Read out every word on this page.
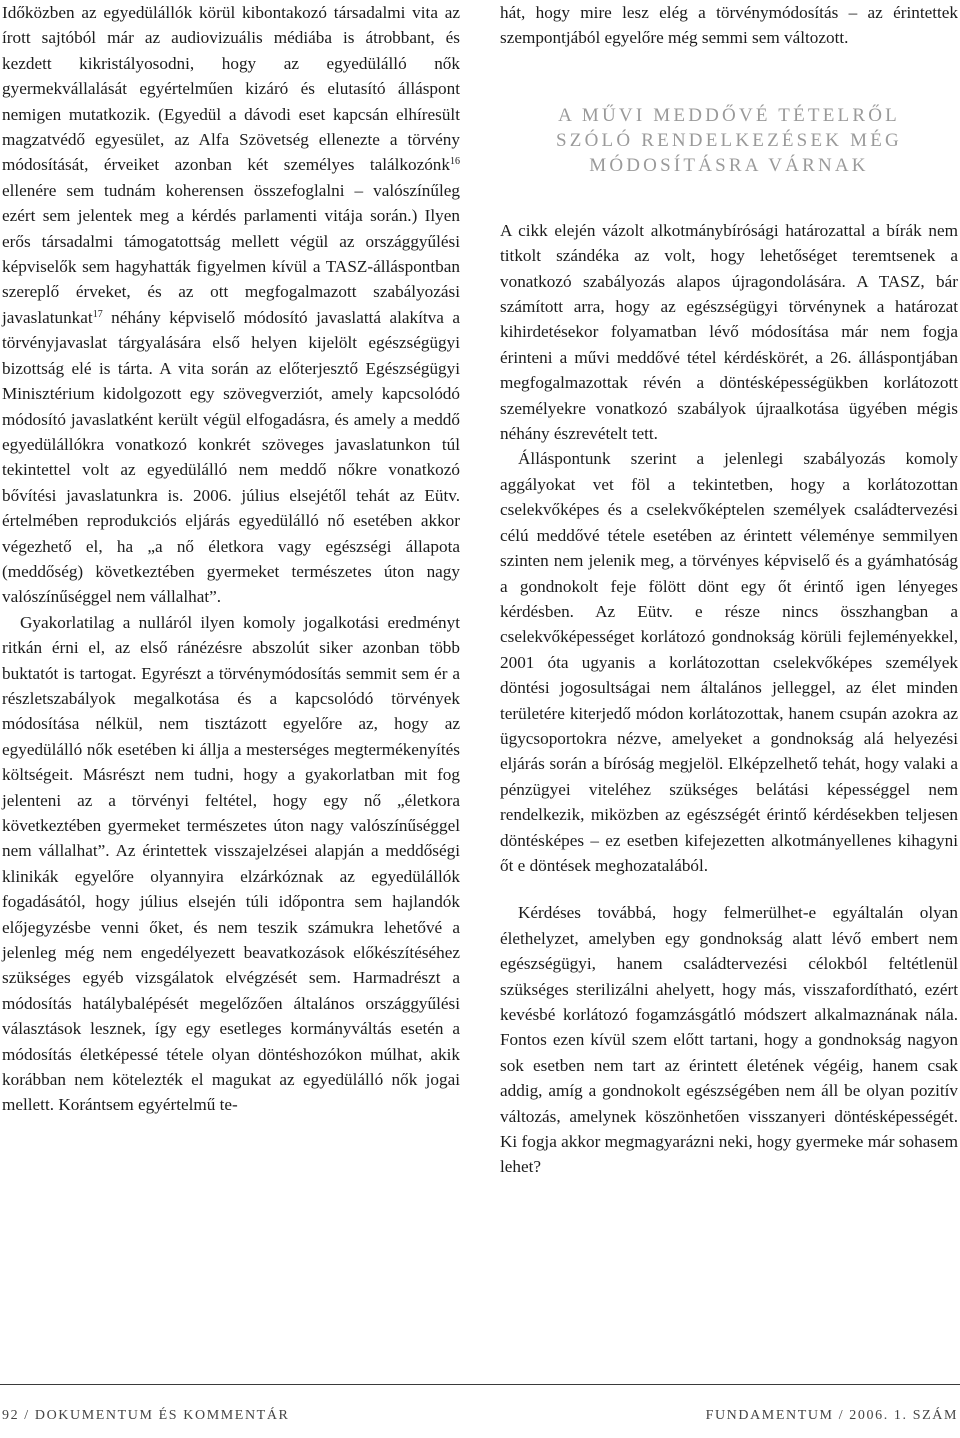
Időközben az egyedülállók körül kibontakozó társadalmi vita az írott sajtóból már az audiovizuális médiába is átrobbant, és kezdett kikristályosodni, hogy az egyedülálló nők gyermekvállalását egyértelműen kizáró és elutasító álláspont nemigen mutatkozik. (Egyedül a dávodi eset kapcsán elhíresült magzatvédő egyesület, az Alfa Szövetség ellenezte a törvény módosítását, érveiket azonban két személyes találkozónk$^{16}$ ellenére sem tudnám koherensen összefoglalni – valószínűleg ezért sem jelentek meg a kérdés parlamenti vitája során.) Ilyen erős társadalmi támogatottság mellett végül az országgyűlési képviselők sem hagyhatták figyelmen kívül a TASZ-álláspontban szereplő érveket, és az ott megfogalmazott szabályozási javaslatunkat$^{17}$ néhány képviselő módosító javaslattá alakítva a törvényjavaslat tárgyalására első helyen kijelölt egészségügyi bizottság elé is tárta. A vita során az előterjesztő Egészségügyi Minisztérium kidolgozott egy szövegverziót, amely kapcsolódó módosító javaslatként került végül elfogadásra, és amely a meddő egyedülállókra vonatkozó konkrét szöveges javaslatunkon túl tekintettel volt az egyedülálló nem meddő nőkre vonatkozó bővítési javaslatunkra is. 2006. július elsejétől tehát az Eütv. értelmében reprodukciós eljárás egyedülálló nő esetében akkor végezhető el, ha „a nő életkora vagy egészségi állapota (meddőség) következtében gyermeket természetes úton nagy valószínűséggel nem vállalhat”.

Gyakorlatilag a nulláról ilyen komoly jogalkotási eredményt ritkán érni el, az első ránézésre abszolút siker azonban több buktatót is tartogat. Egyrészt a törvénymódosítás semmit sem ér a részletszabályok megalkotása és a kapcsolódó törvények módosítása nélkül, nem tisztázott egyelőre az, hogy az egyedülálló nők esetében ki állja a mesterséges megtermékenyítés költségeit. Másrészt nem tudni, hogy a gyakorlatban mit fog jelenteni az a törvényi feltétel, hogy egy nő „életkora következtében gyermeket természetes úton nagy valószínűséggel nem vállalhat”. Az érintettek visszajelzései alapján a meddőségi klinikák egyelőre olyannyira elzárkóznak az egyedülállók fogadásától, hogy július elsején túli időpontra sem hajlandók előjegyzésbe venni őket, és nem teszik számukra lehetővé a jelenleg még nem engedélyezett beavatkozások előkészítéséhez szükséges egyéb vizsgálatok elvégzését sem. Harmadrészt a módosítás hatálybalépését megelőzően általános országgyűlési választások lesznek, így egy esetleges kormányváltás esetén a módosítás életképessé tétele olyan döntéshozókon múlhat, akik korábban nem kötelezték el magukat az egyedülálló nők jogai mellett. Korántsem egyértelmű te-

hát, hogy mire lesz elég a törvénymódosítás – az érintettek szempontjából egyelőre még semmi sem változott.

A MŰVI MEDDŐVÉ TÉTELRŐL
SZÓLÓ RENDELKEZÉSEK MÉG
MÓDOSÍTÁSRA VÁRNAK

A cikk elején vázolt alkotmánybírósági határozattal a bírák nem titkolt szándéka az volt, hogy lehetőséget teremtsenek a vonatkozó szabályozás alapos újragondolására. A TASZ, bár számított arra, hogy az egészségügyi törvénynek a határozat kihirdetésekor folyamatban lévő módosítása már nem fogja érinteni a művi meddővé tétel kérdéskörét, a 26. álláspontjában megfogalmazottak révén a döntésképességükben korlátozott személyekre vonatkozó szabályok újraalkotása ügyében mégis néhány észrevételt tett.

Álláspontunk szerint a jelenlegi szabályozás komoly aggályokat vet föl a tekintetben, hogy a korlátozottan cselekvőképes és a cselekvőképtelen személyek családtervezési célú meddővé tétele esetében az érintett véleménye semmilyen szinten nem jelenik meg, a törvényes képviselő és a gyámhatóság a gondnokolt feje fölött dönt egy őt érintő igen lényeges kérdésben. Az Eütv. e része nincs összhangban a cselekvőképességet korlátozó gondnokság körüli fejleményekkel, 2001 óta ugyanis a korlátozottan cselekvőképes személyek döntési jogosultságai nem általános jelleggel, az élet minden területére kiterjedő módon korlátozottak, hanem csupán azokra az ügycsoportokra nézve, amelyeket a gondnokság alá helyezési eljárás során a bíróság megjelöl. Elképzelhető tehát, hogy valaki a pénzügyei viteléhez szükséges belátási képességgel nem rendelkezik, miközben az egészségét érintő kérdésekben teljesen döntésképes – ez esetben kifejezetten alkotmányellenes kihagyni őt e döntések meghozatalából.

Kérdéses továbbá, hogy felmerülhet-e egyáltalán olyan élethelyzet, amelyben egy gondnokság alatt lévő embert nem egészségügyi, hanem családtervezési célokból feltétlenül szükséges sterilizálni ahelyett, hogy más, visszafordítható, ezért kevésbé korlátozó fogamzásgátló módszert alkalmaznának nála. Fontos ezen kívül szem előtt tartani, hogy a gondnokság nagyon sok esetben nem tart az érintett életének végéig, hanem csak addig, amíg a gondnokolt egészségében nem áll be olyan pozitív változás, amelynek köszönhetően visszanyeri döntésképességét. Ki fogja akkor megmagyarázni neki, hogy gyermeke már sohasem lehet?

92 / DOKUMENTUM ÉS KOMMENTÁR	FUNDAMENTUM / 2006. 1. SZÁM
